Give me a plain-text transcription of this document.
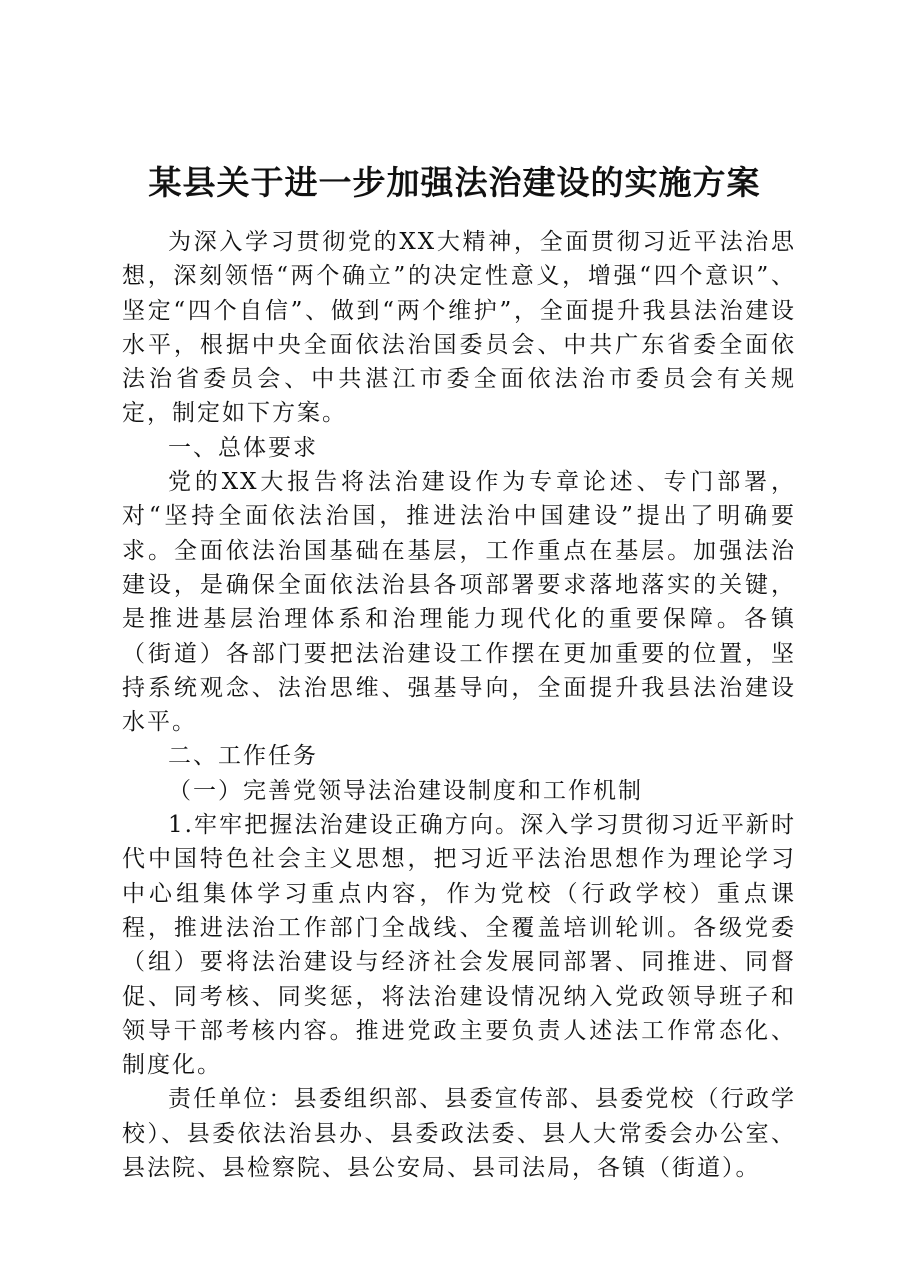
某县关于进一步加强法治建设的实施方案

为深入学习贯彻党的XX大精神，全面贯彻习近平法治思想，深刻领悟“两个确立”的决定性意义，增强“四个意识”、坚定“四个自信”、做到“两个维护”，全面提升我县法治建设水平，根据中央全面依法治国委员会、中共广东省委全面依法治省委员会、中共湛江市委全面依法治市委员会有关规定，制定如下方案。

一、总体要求

党的XX大报告将法治建设作为专章论述、专门部署，对“坚持全面依法治国，推进法治中国建设”提出了明确要求。全面依法治国基础在基层，工作重点在基层。加强法治建设，是确保全面依法治县各项部署要求落地落实的关键，是推进基层治理体系和治理能力现代化的重要保障。各镇（街道）各部门要把法治建设工作摆在更加重要的位置，坚持系统观念、法治思维、强基导向，全面提升我县法治建设水平。

二、工作任务

（一）完善党领导法治建设制度和工作机制

1.牢牢把握法治建设正确方向。深入学习贯彻习近平新时代中国特色社会主义思想，把习近平法治思想作为理论学习中心组集体学习重点内容，作为党校（行政学校）重点课程，推进法治工作部门全战线、全覆盖培训轮训。各级党委（组）要将法治建设与经济社会发展同部署、同推进、同督促、同考核、同奖惩，将法治建设情况纳入党政领导班子和领导干部考核内容。推进党政主要负责人述法工作常态化、制度化。

责任单位：县委组织部、县委宣传部、县委党校（行政学校）、县委依法治县办、县委政法委、县人大常委会办公室、县法院、县检察院、县公安局、县司法局，各镇（街道）。
